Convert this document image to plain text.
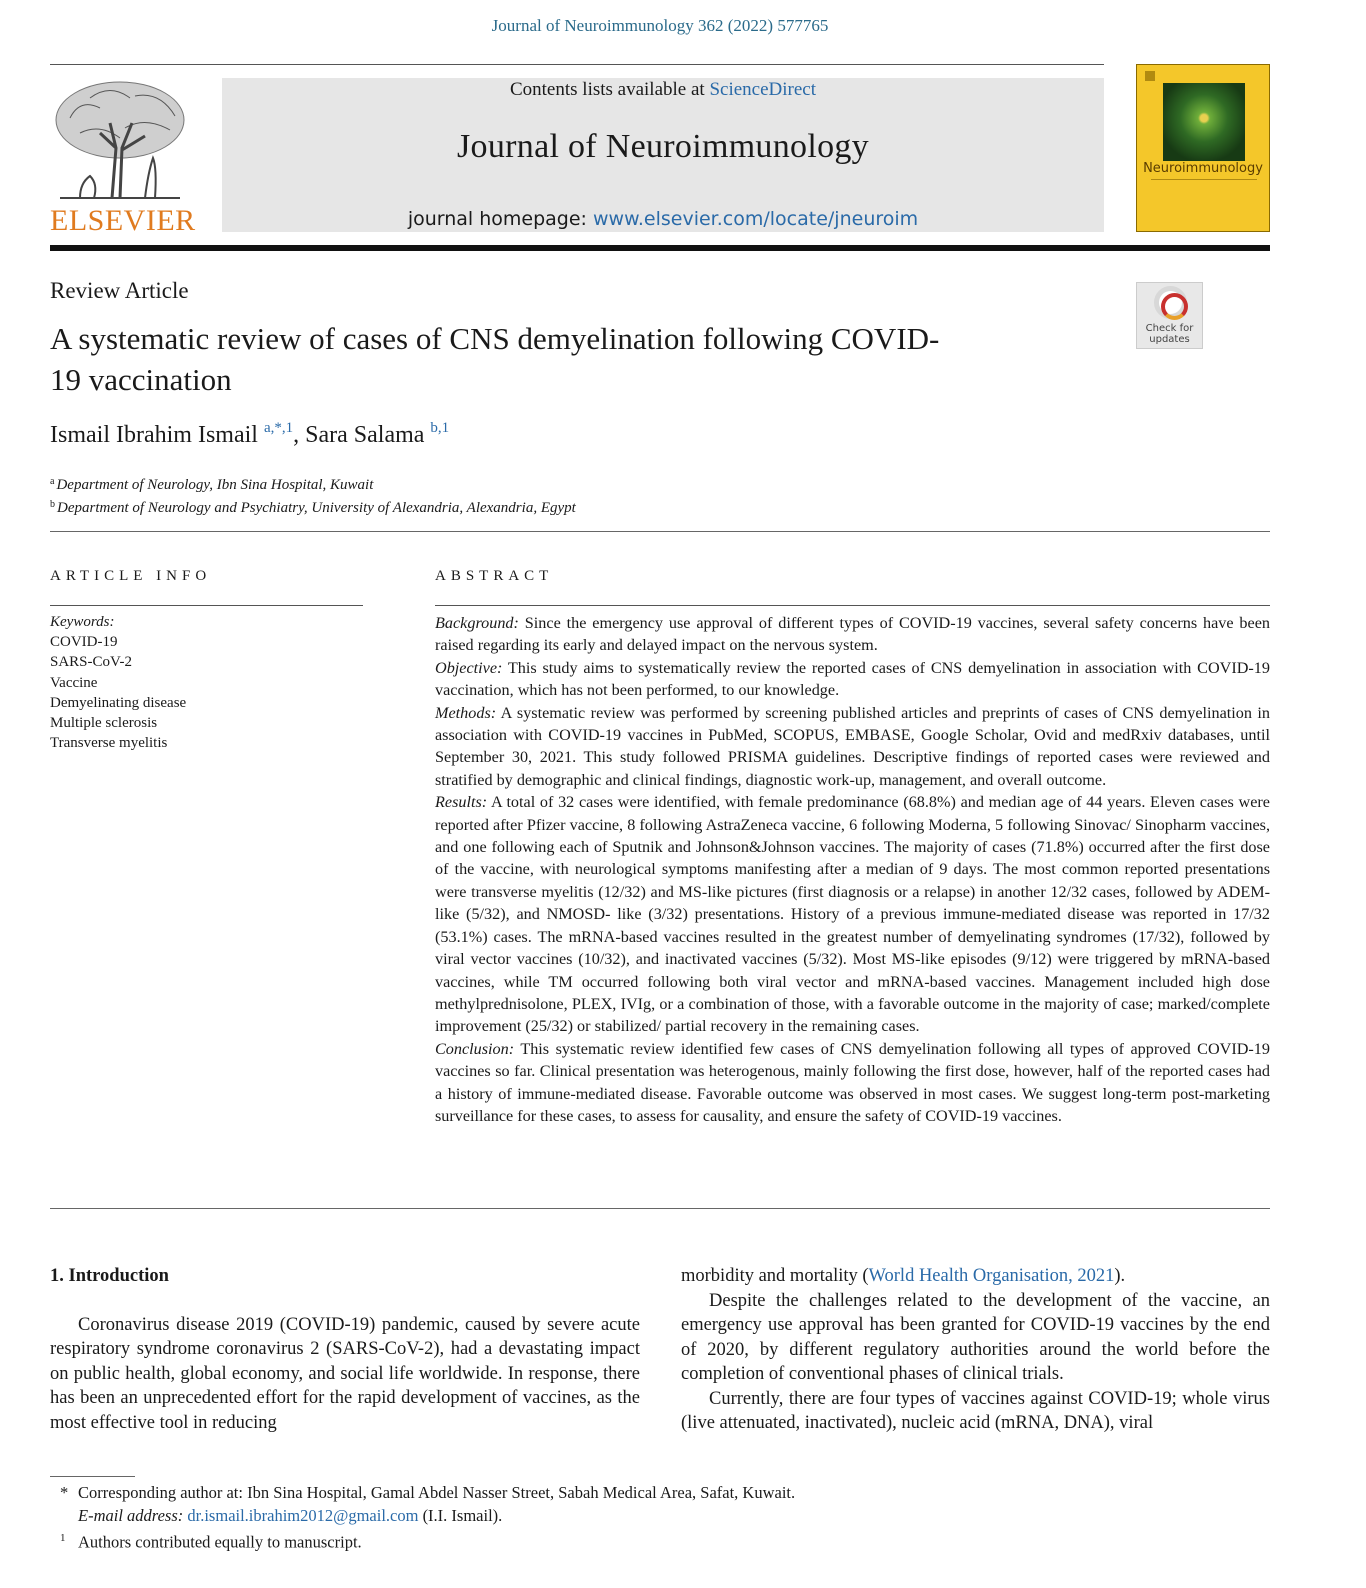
Journal of Neuroimmunology 362 (2022) 577765
ELSEVIER
Contents lists available at ScienceDirect
Journal of Neuroimmunology
journal homepage: www.elsevier.com/locate/jneuroim
Neuroimmunology
Review Article
A systematic review of cases of CNS demyelination following COVID-19 vaccination
Check for updates
Ismail Ibrahim Ismail $^{a,*,1}$, Sara Salama $^{b,1}$
$^a$ Department of Neurology, Ibn Sina Hospital, Kuwait
$^b$ Department of Neurology and Psychiatry, University of Alexandria, Alexandria, Egypt
ARTICLE INFO
Keywords:
COVID-19
SARS-CoV-2
Vaccine
Demyelinating disease
Multiple sclerosis
Transverse myelitis
ABSTRACT

Background: Since the emergency use approval of different types of COVID-19 vaccines, several safety concerns have been raised regarding its early and delayed impact on the nervous system.

Objective: This study aims to systematically review the reported cases of CNS demyelination in association with COVID-19 vaccination, which has not been performed, to our knowledge.

Methods: A systematic review was performed by screening published articles and preprints of cases of CNS demyelination in association with COVID-19 vaccines in PubMed, SCOPUS, EMBASE, Google Scholar, Ovid and medRxiv databases, until September 30, 2021. This study followed PRISMA guidelines. Descriptive findings of reported cases were reviewed and stratified by demographic and clinical findings, diagnostic work-up, management, and overall outcome.

Results: A total of 32 cases were identified, with female predominance (68.8%) and median age of 44 years. Eleven cases were reported after Pfizer vaccine, 8 following AstraZeneca vaccine, 6 following Moderna, 5 following Sinovac/ Sinopharm vaccines, and one following each of Sputnik and Johnson&Johnson vaccines. The majority of cases (71.8%) occurred after the first dose of the vaccine, with neurological symptoms manifesting after a median of 9 days. The most common reported presentations were transverse myelitis (12/32) and MS-like pictures (first diagnosis or a relapse) in another 12/32 cases, followed by ADEM- like (5/32), and NMOSD- like (3/32) presentations. History of a previous immune-mediated disease was reported in 17/32 (53.1%) cases. The mRNA-based vaccines resulted in the greatest number of demyelinating syndromes (17/32), followed by viral vector vaccines (10/32), and inactivated vaccines (5/32). Most MS-like episodes (9/12) were triggered by mRNA-based vaccines, while TM occurred following both viral vector and mRNA-based vaccines. Management included high dose methylprednisolone, PLEX, IVIg, or a combination of those, with a favorable outcome in the majority of case; marked/complete improvement (25/32) or stabilized/ partial recovery in the remaining cases.

Conclusion: This systematic review identified few cases of CNS demyelination following all types of approved COVID-19 vaccines so far. Clinical presentation was heterogenous, mainly following the first dose, however, half of the reported cases had a history of immune-mediated disease. Favorable outcome was observed in most cases. We suggest long-term post-marketing surveillance for these cases, to assess for causality, and ensure the safety of COVID-19 vaccines.

1. Introduction

Coronavirus disease 2019 (COVID-19) pandemic, caused by severe acute respiratory syndrome coronavirus 2 (SARS-CoV-2), had a devastating impact on public health, global economy, and social life worldwide. In response, there has been an unprecedented effort for the rapid development of vaccines, as the most effective tool in reducing

morbidity and mortality (World Health Organisation, 2021).

Despite the challenges related to the development of the vaccine, an emergency use approval has been granted for COVID-19 vaccines by the end of 2020, by different regulatory authorities around the world before the completion of conventional phases of clinical trials.

Currently, there are four types of vaccines against COVID-19; whole virus (live attenuated, inactivated), nucleic acid (mRNA, DNA), viral

* Corresponding author at: Ibn Sina Hospital, Gamal Abdel Nasser Street, Sabah Medical Area, Safat, Kuwait.
E-mail address: dr.ismail.ibrahim2012@gmail.com (I.I. Ismail).
$^1$ Authors contributed equally to manuscript.
